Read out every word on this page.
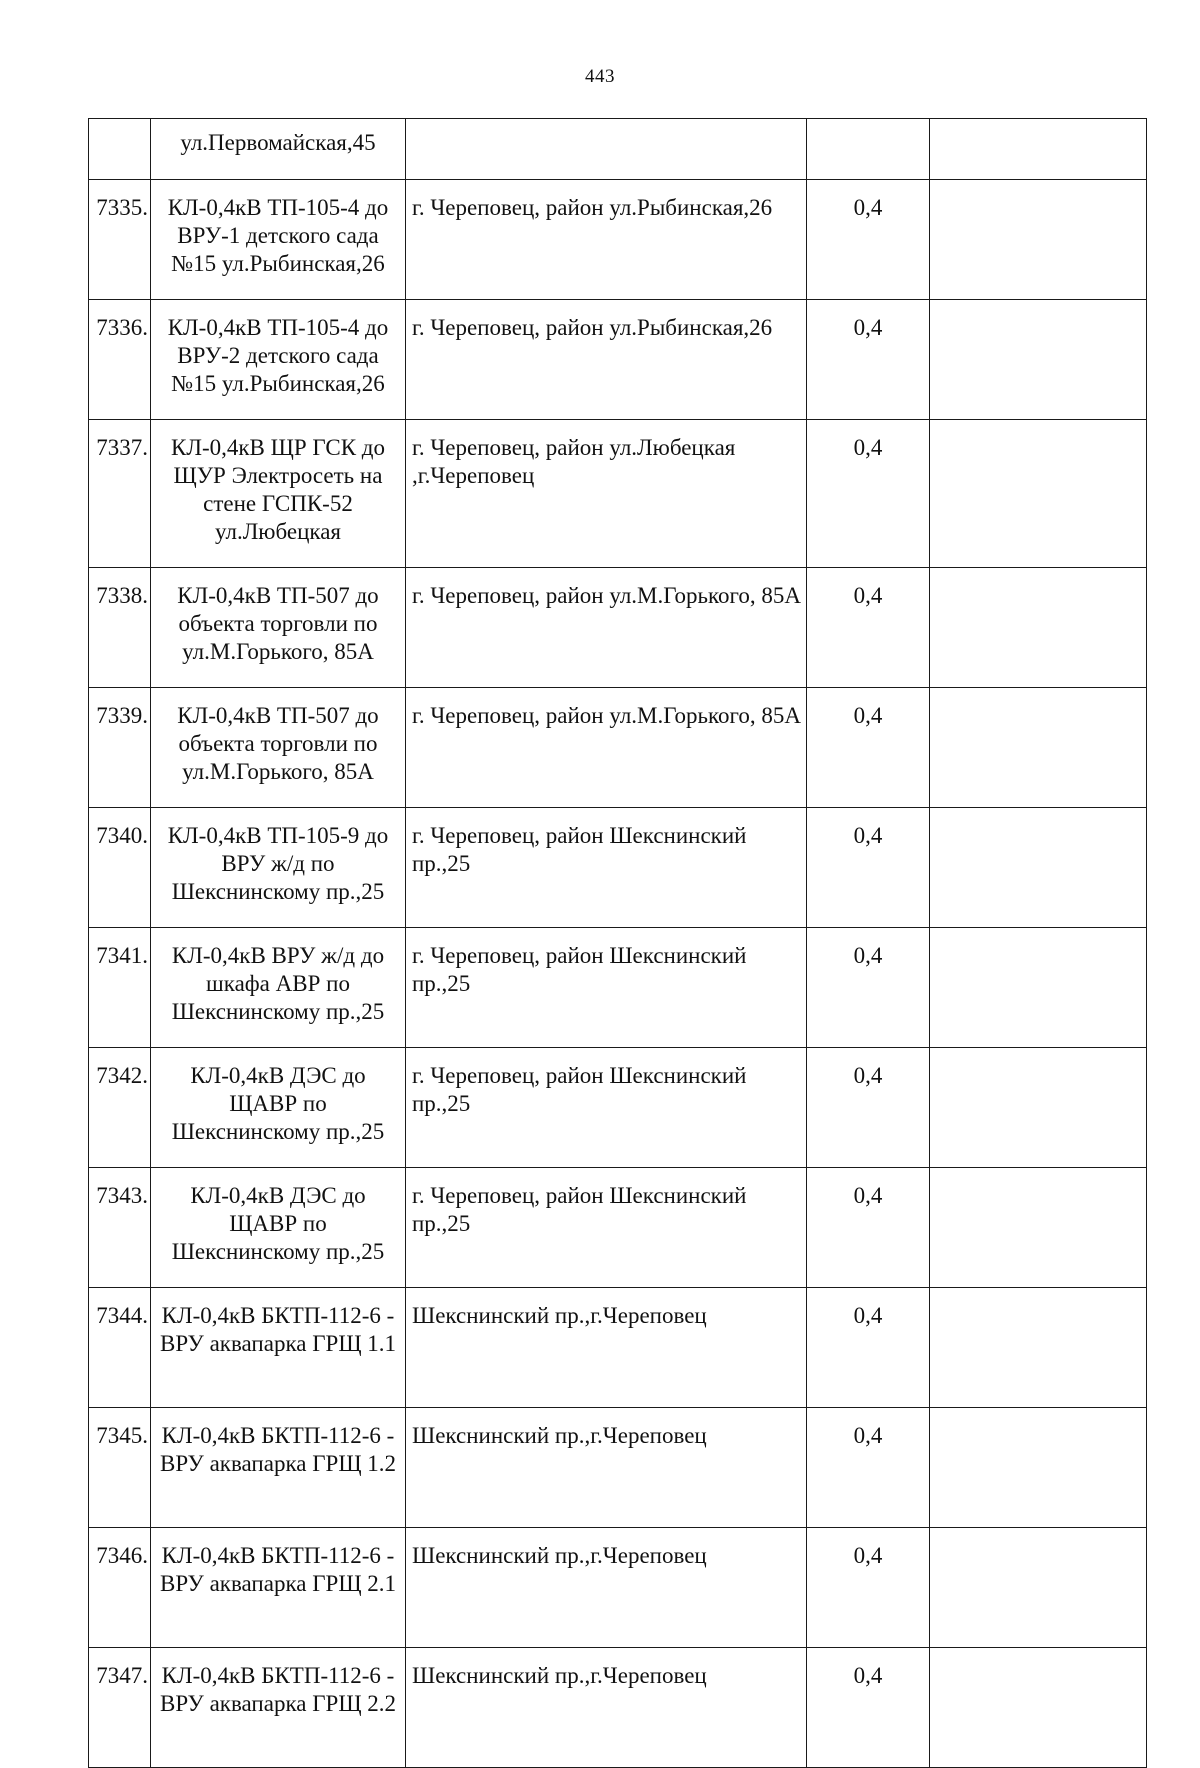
443
	ул.Первомайская,45			
7335.	КЛ-0,4кВ ТП-105-4 до ВРУ-1 детского сада №15 ул.Рыбинская,26	г. Череповец, район ул.Рыбинская,26	0,4	
7336.	КЛ-0,4кВ ТП-105-4 до ВРУ-2 детского сада №15 ул.Рыбинская,26	г. Череповец, район ул.Рыбинская,26	0,4	
7337.	КЛ-0,4кВ ЩР ГСК до ЩУР Электросеть на стене ГСПК-52 ул.Любецкая	г. Череповец, район ул.Любецкая ,г.Череповец	0,4	
7338.	КЛ-0,4кВ ТП-507 до объекта торговли по ул.М.Горького, 85А	г. Череповец, район ул.М.Горького, 85А	0,4	
7339.	КЛ-0,4кВ ТП-507 до объекта торговли по ул.М.Горького, 85А	г. Череповец, район ул.М.Горького, 85А	0,4	
7340.	КЛ-0,4кВ ТП-105-9 до ВРУ ж/д по Шекснинскому пр.,25	г. Череповец, район Шекснинский пр.,25	0,4	
7341.	КЛ-0,4кВ ВРУ ж/д до шкафа АВР по Шекснинскому пр.,25	г. Череповец, район Шекснинский пр.,25	0,4	
7342.	КЛ-0,4кВ ДЭС до ЩАВР по Шекснинскому пр.,25	г. Череповец, район Шекснинский пр.,25	0,4	
7343.	КЛ-0,4кВ ДЭС до ЩАВР по Шекснинскому пр.,25	г. Череповец, район Шекснинский пр.,25	0,4	
7344.	КЛ-0,4кВ БКТП-112-6 - ВРУ аквапарка ГРЩ 1.1	Шекснинский пр.,г.Череповец	0,4	
7345.	КЛ-0,4кВ БКТП-112-6 - ВРУ аквапарка ГРЩ 1.2	Шекснинский пр.,г.Череповец	0,4	
7346.	КЛ-0,4кВ БКТП-112-6 - ВРУ аквапарка ГРЩ 2.1	Шекснинский пр.,г.Череповец	0,4	
7347.	КЛ-0,4кВ БКТП-112-6 - ВРУ аквапарка ГРЩ 2.2	Шекснинский пр.,г.Череповец	0,4	
